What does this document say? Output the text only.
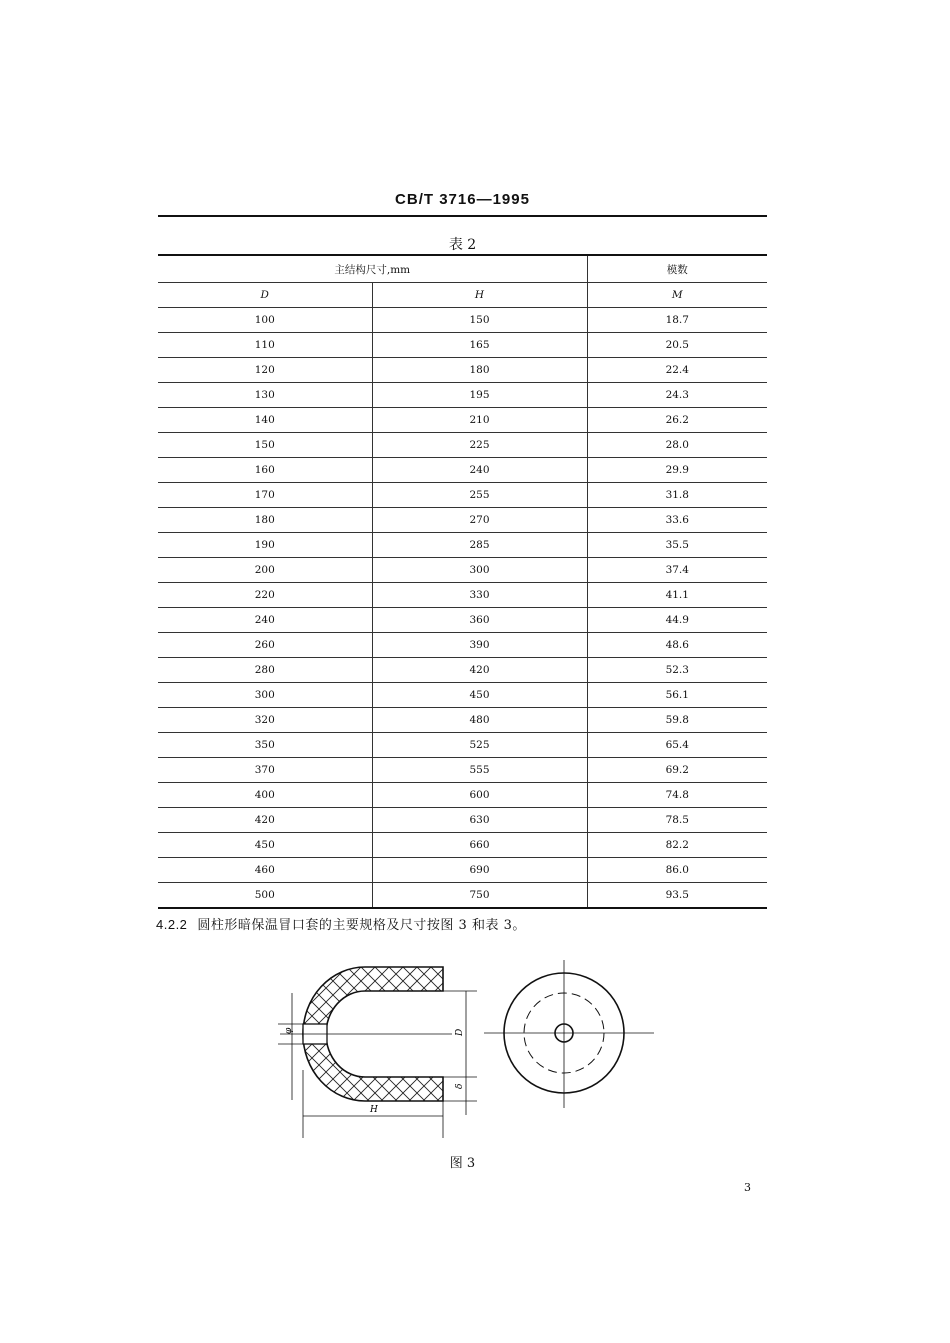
CB/T 3716—1995
表 2
主结构尺寸,mm		模数
D	H	M
100	150	18.7
110	165	20.5
120	180	22.4
130	195	24.3
140	210	26.2
150	225	28.0
160	240	29.9
170	255	31.8
180	270	33.6
190	285	35.5
200	300	37.4
220	330	41.1
240	360	44.9
260	390	48.6
280	420	52.3
300	450	56.1
320	480	59.8
350	525	65.4
370	555	69.2
400	600	74.8
420	630	78.5
450	660	82.2
460	690	86.0
500	750	93.5
4.2.2 圆柱形暗保温冒口套的主要规格及尺寸按图 3 和表 3。
φ	D
δ
H
图 3
3
